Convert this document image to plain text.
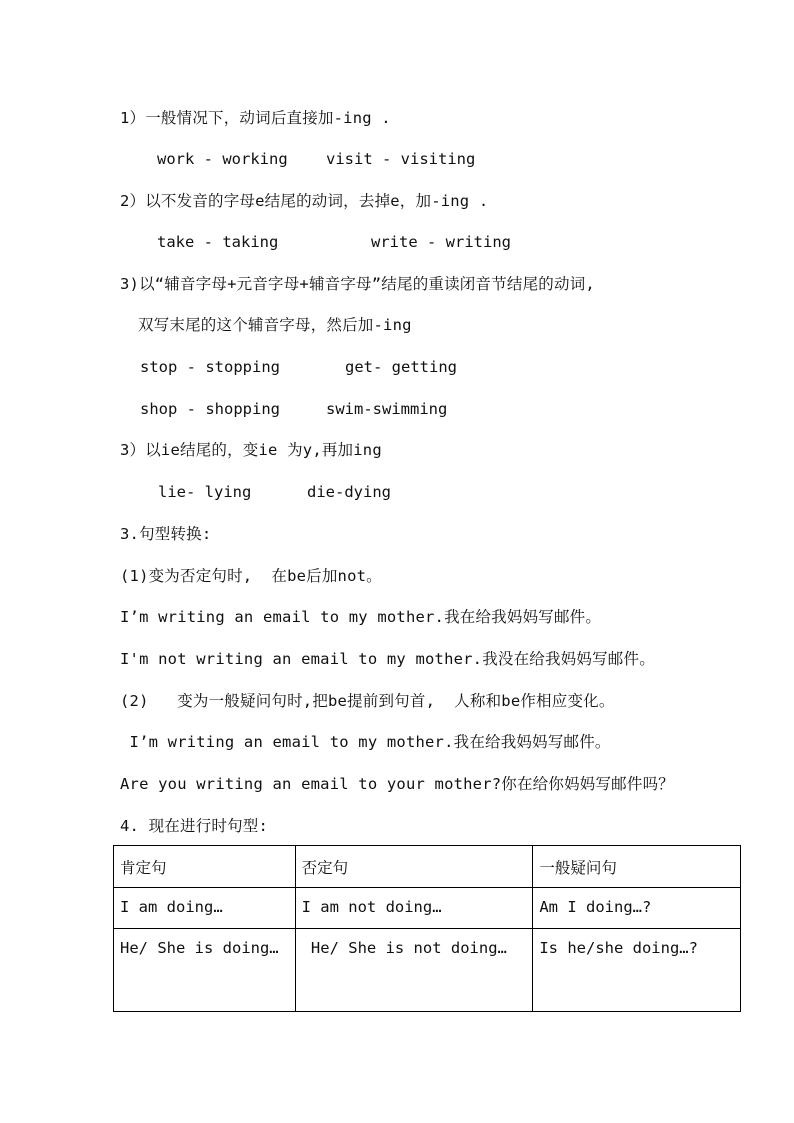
1）一般情况下，动词后直接加-ing .
work - working visit - visiting
2）以不发音的字母e结尾的动词，去掉e，加-ing .
take - taking	write - writing
3)以“辅音字母+元音字母+辅音字母”结尾的重读闭音节结尾的动词,
双写末尾的这个辅音字母，然后加-ing
stop - stopping	get- getting
shop - shopping	swim-swimming
3）以ie结尾的，变ie 为y,再加ing
lie- lying	die-dying
3.句型转换:
(1)变为否定句时,  在be后加not。
I’m writing an email to my mother.我在给我妈妈写邮件。
I'm not writing an email to my mother.我没在给我妈妈写邮件。
(2)   变为一般疑问句时,把be提前到句首,  人称和be作相应变化。
I’m writing an email to my mother.我在给我妈妈写邮件。
Are you writing an email to your mother?你在给你妈妈写邮件吗？
4. 现在进行时句型:
肯定句	否定句	一般疑问句
I am doing…	I am not doing…	Am I doing…?
He/ She is doing…	He/ She is not doing…	Is he/she doing…?
